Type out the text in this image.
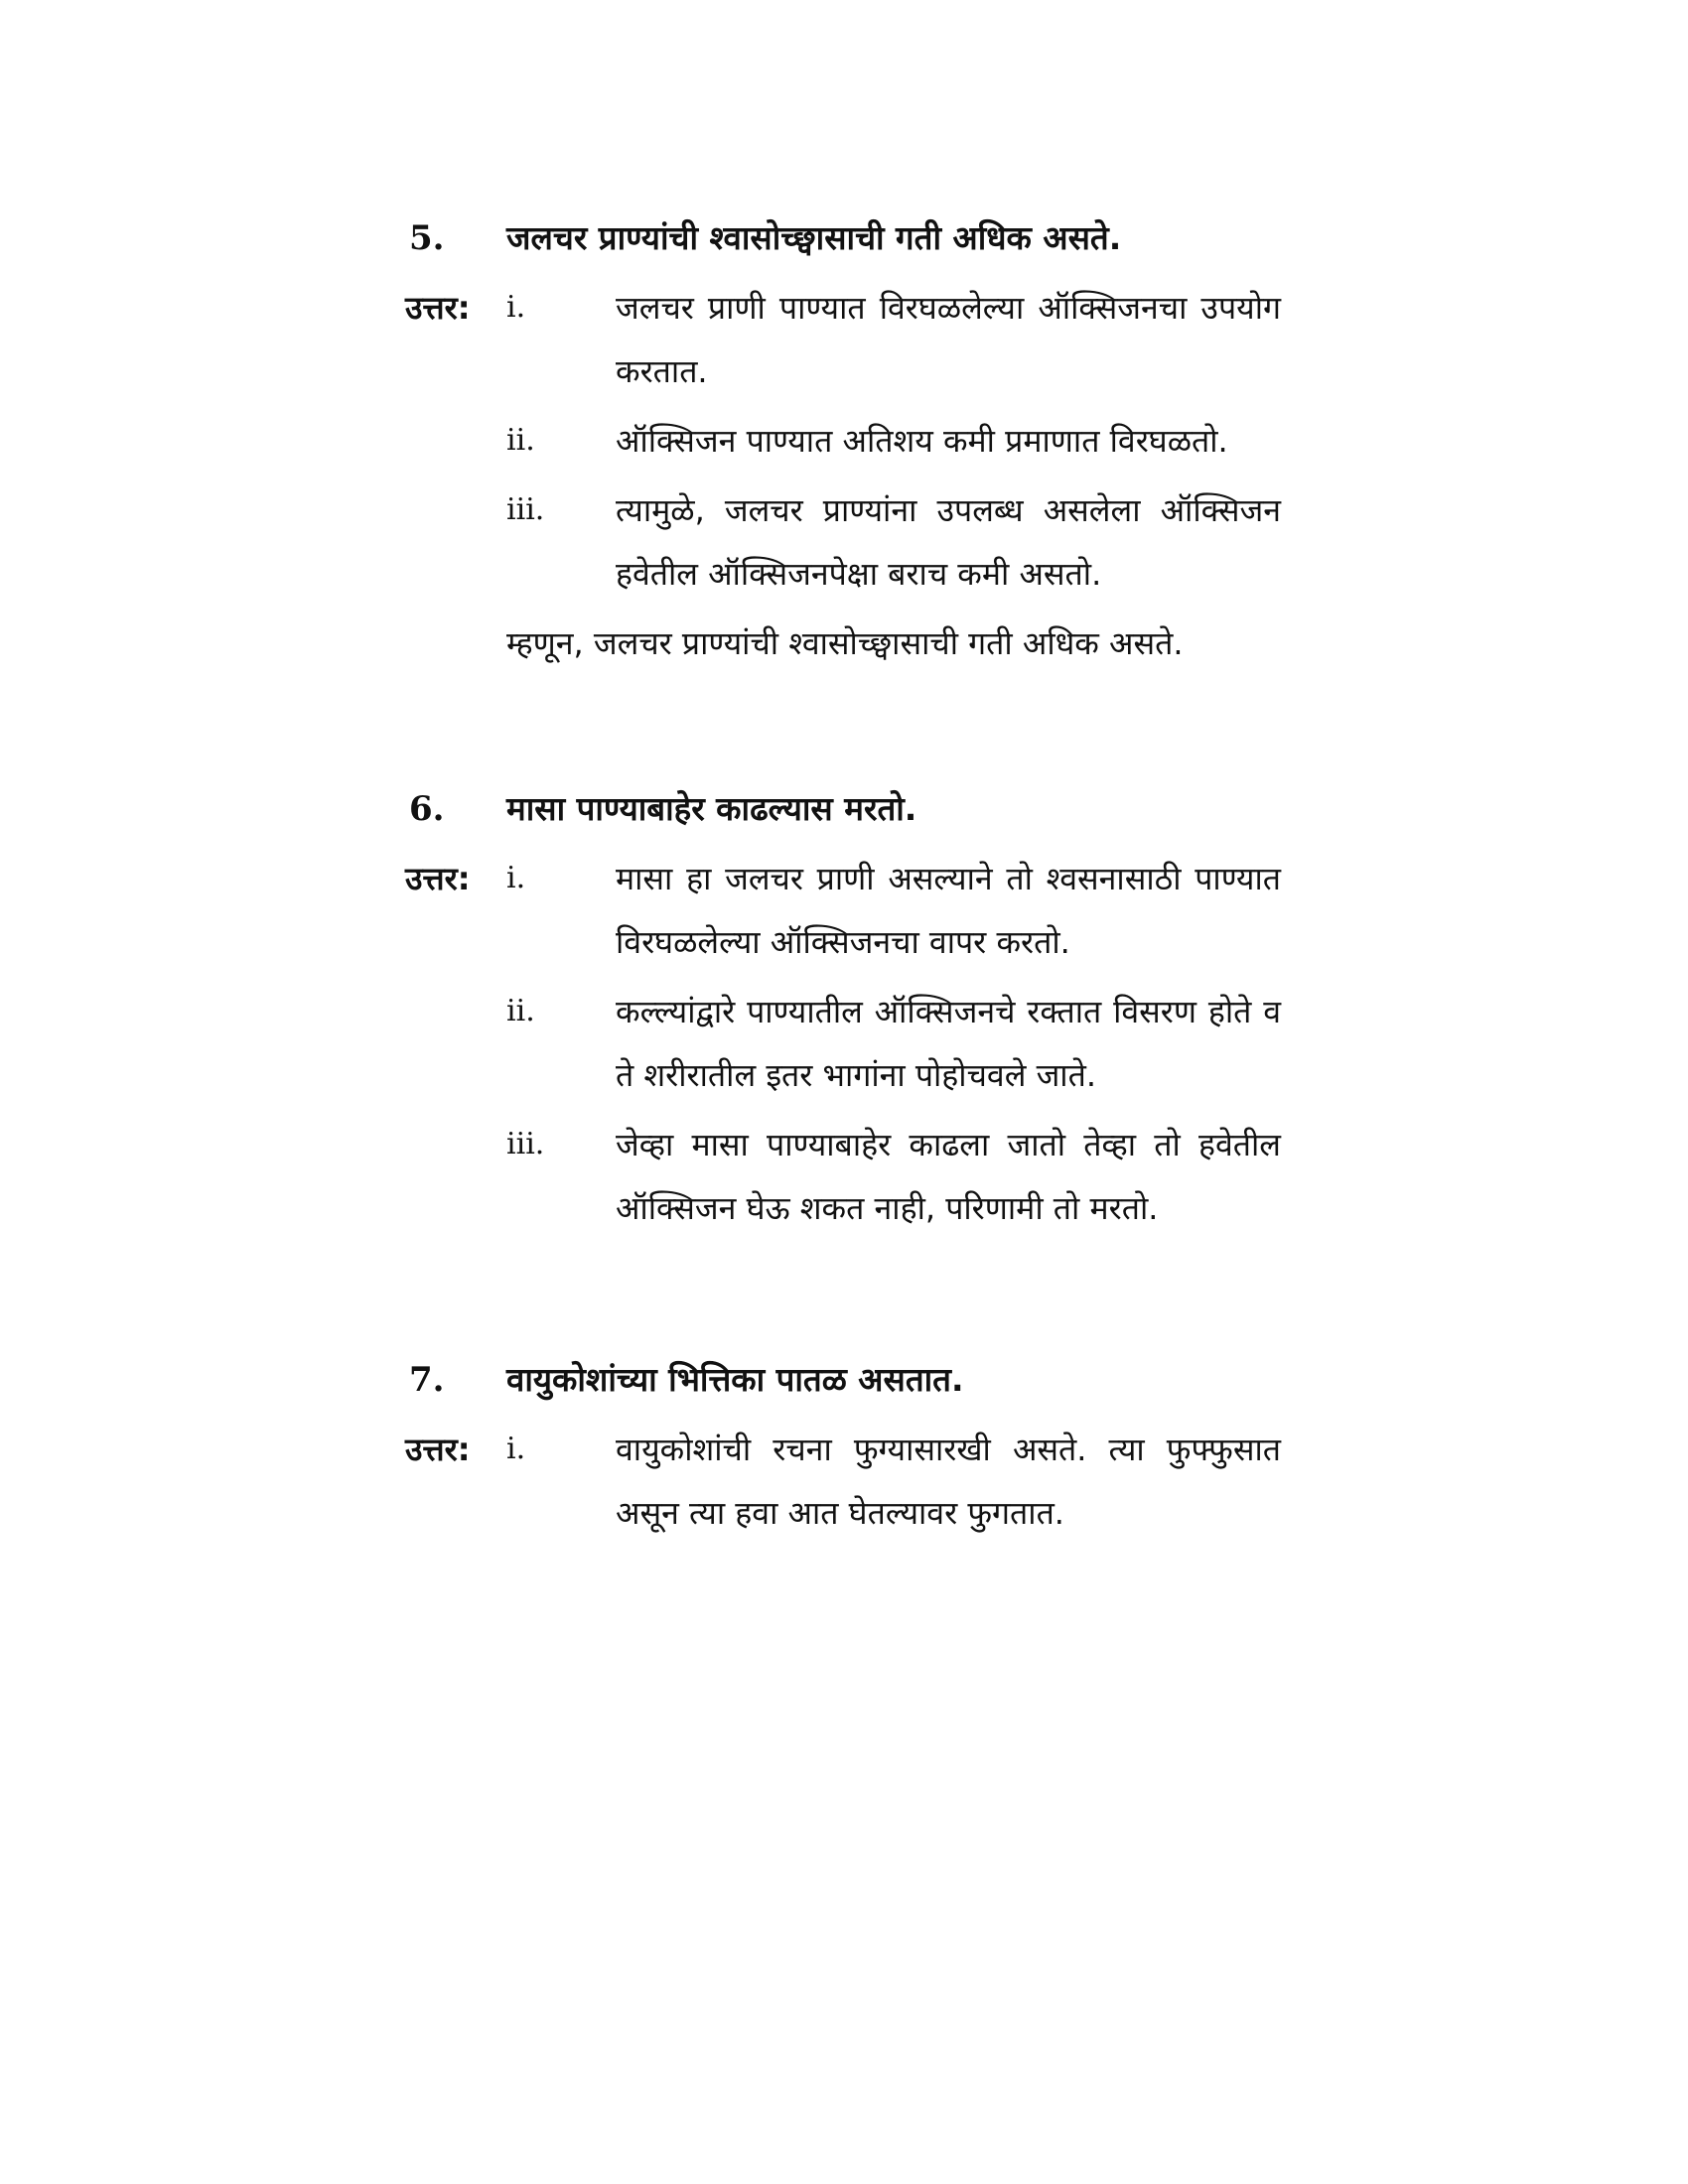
5. जलचर प्राण्यांची श्वासोच्छ्वासाची गती अधिक असते.
उत्तर: i.	जलचर प्राणी पाण्यात विरघळलेल्या ऑक्सिजनचा उपयोग करतात.
ii.	ऑक्सिजन पाण्यात अतिशय कमी प्रमाणात विरघळतो.
iii.	त्यामुळे, जलचर प्राण्यांना उपलब्ध असलेला ऑक्सिजन हवेतील ऑक्सिजनपेक्षा बराच कमी असतो.
म्हणून, जलचर प्राण्यांची श्वासोच्छ्वासाची गती अधिक असते.
6. मासा पाण्याबाहेर काढल्यास मरतो.
उत्तर: i.	मासा हा जलचर प्राणी असल्याने तो श्वसनासाठी पाण्यात विरघळलेल्या ऑक्सिजनचा वापर करतो.
ii.	कल्ल्यांद्वारे पाण्यातील ऑक्सिजनचे रक्तात विसरण होते व ते शरीरातील इतर भागांना पोहोचवले जाते.
iii.	जेव्हा मासा पाण्याबाहेर काढला जातो तेव्हा तो हवेतील ऑक्सिजन घेऊ शकत नाही, परिणामी तो मरतो.
7. वायुकोशांच्या भित्तिका पातळ असतात.
उत्तर: i.	वायुकोशांची रचना फुग्यासारखी असते. त्या फुफ्फुसात असून त्या हवा आत घेतल्यावर फुगतात.
